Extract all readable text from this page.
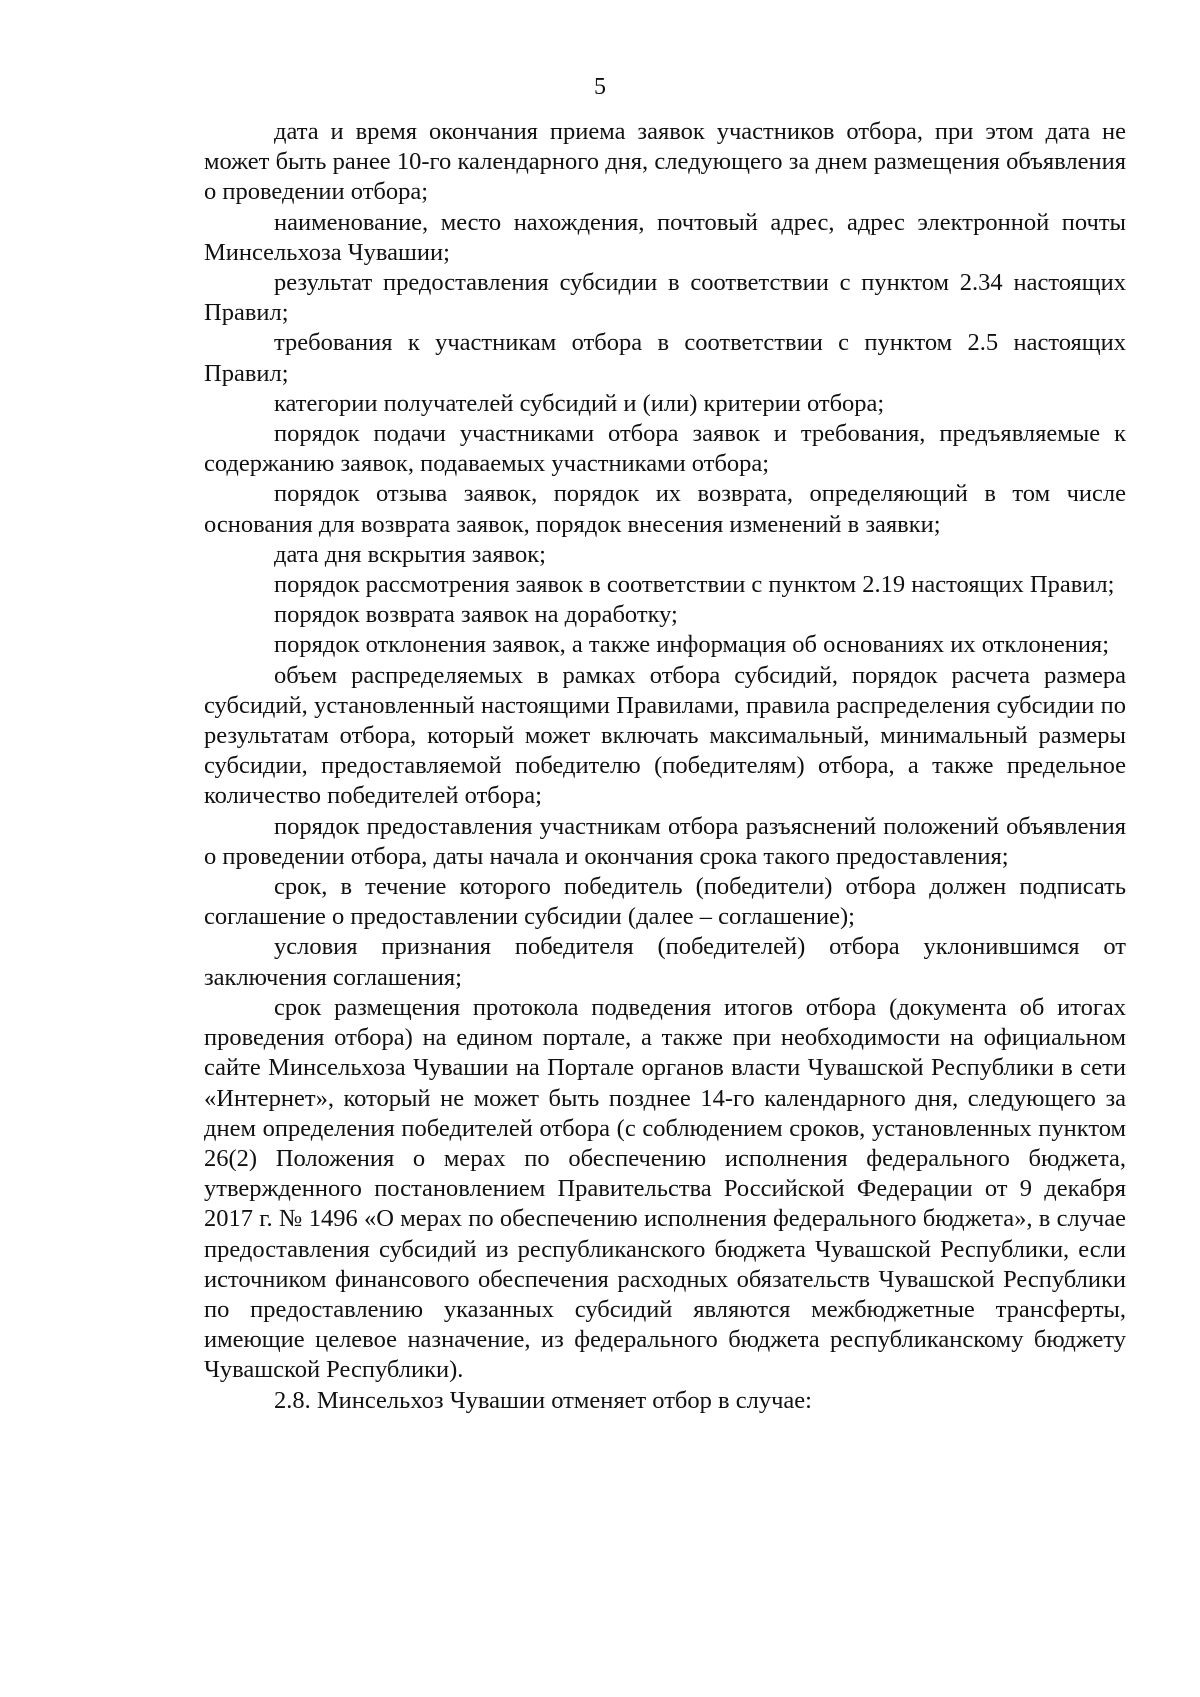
5

дата и время окончания приема заявок участников отбора, при этом дата не может быть ранее 10-го календарного дня, следующего за днем размещения объявления о проведении отбора;

наименование, место нахождения, почтовый адрес, адрес электронной почты Минсельхоза Чувашии;

результат предоставления субсидии в соответствии с пунктом 2.34 настоящих Правил;

требования к участникам отбора в соответствии с пунктом 2.5 настоящих Правил;

категории получателей субсидий и (или) критерии отбора;

порядок подачи участниками отбора заявок и требования, предъявляемые к содержанию заявок, подаваемых участниками отбора;

порядок отзыва заявок, порядок их возврата, определяющий в том числе основания для возврата заявок, порядок внесения изменений в заявки;

дата дня вскрытия заявок;

порядок рассмотрения заявок в соответствии с пунктом 2.19 настоящих Правил;

порядок возврата заявок на доработку;

порядок отклонения заявок, а также информация об основаниях их отклонения;

объем распределяемых в рамках отбора субсидий, порядок расчета размера субсидий, установленный настоящими Правилами, правила распределения субсидии по результатам отбора, который может включать максимальный, минимальный размеры субсидии, предоставляемой победителю (победителям) отбора, а также предельное количество победителей отбора;

порядок предоставления участникам отбора разъяснений положений объявления о проведении отбора, даты начала и окончания срока такого предоставления;

срок, в течение которого победитель (победители) отбора должен подписать соглашение о предоставлении субсидии (далее – соглашение);

условия признания победителя (победителей) отбора уклонившимся от заключения соглашения;

срок размещения протокола подведения итогов отбора (документа об итогах проведения отбора) на едином портале, а также при необходимости на официальном сайте Минсельхоза Чувашии на Портале органов власти Чувашской Республики в сети «Интернет», который не может быть позднее 14-го календарного дня, следующего за днем определения победителей отбора (с соблюдением сроков, установленных пунктом 26(2) Положения о мерах по обеспечению исполнения федерального бюджета, утвержденного постановлением Правительства Российской Федерации от 9 декабря 2017 г. № 1496 «О мерах по обеспечению исполнения федерального бюджета», в случае предоставления субсидий из республиканского бюджета Чувашской Республики, если источником финансового обеспечения расходных обязательств Чувашской Республики по предоставлению указанных субсидий являются межбюджетные трансферты, имеющие целевое назначение, из федерального бюджета республиканскому бюджету Чувашской Республики).

2.8. Минсельхоз Чувашии отменяет отбор в случае:
